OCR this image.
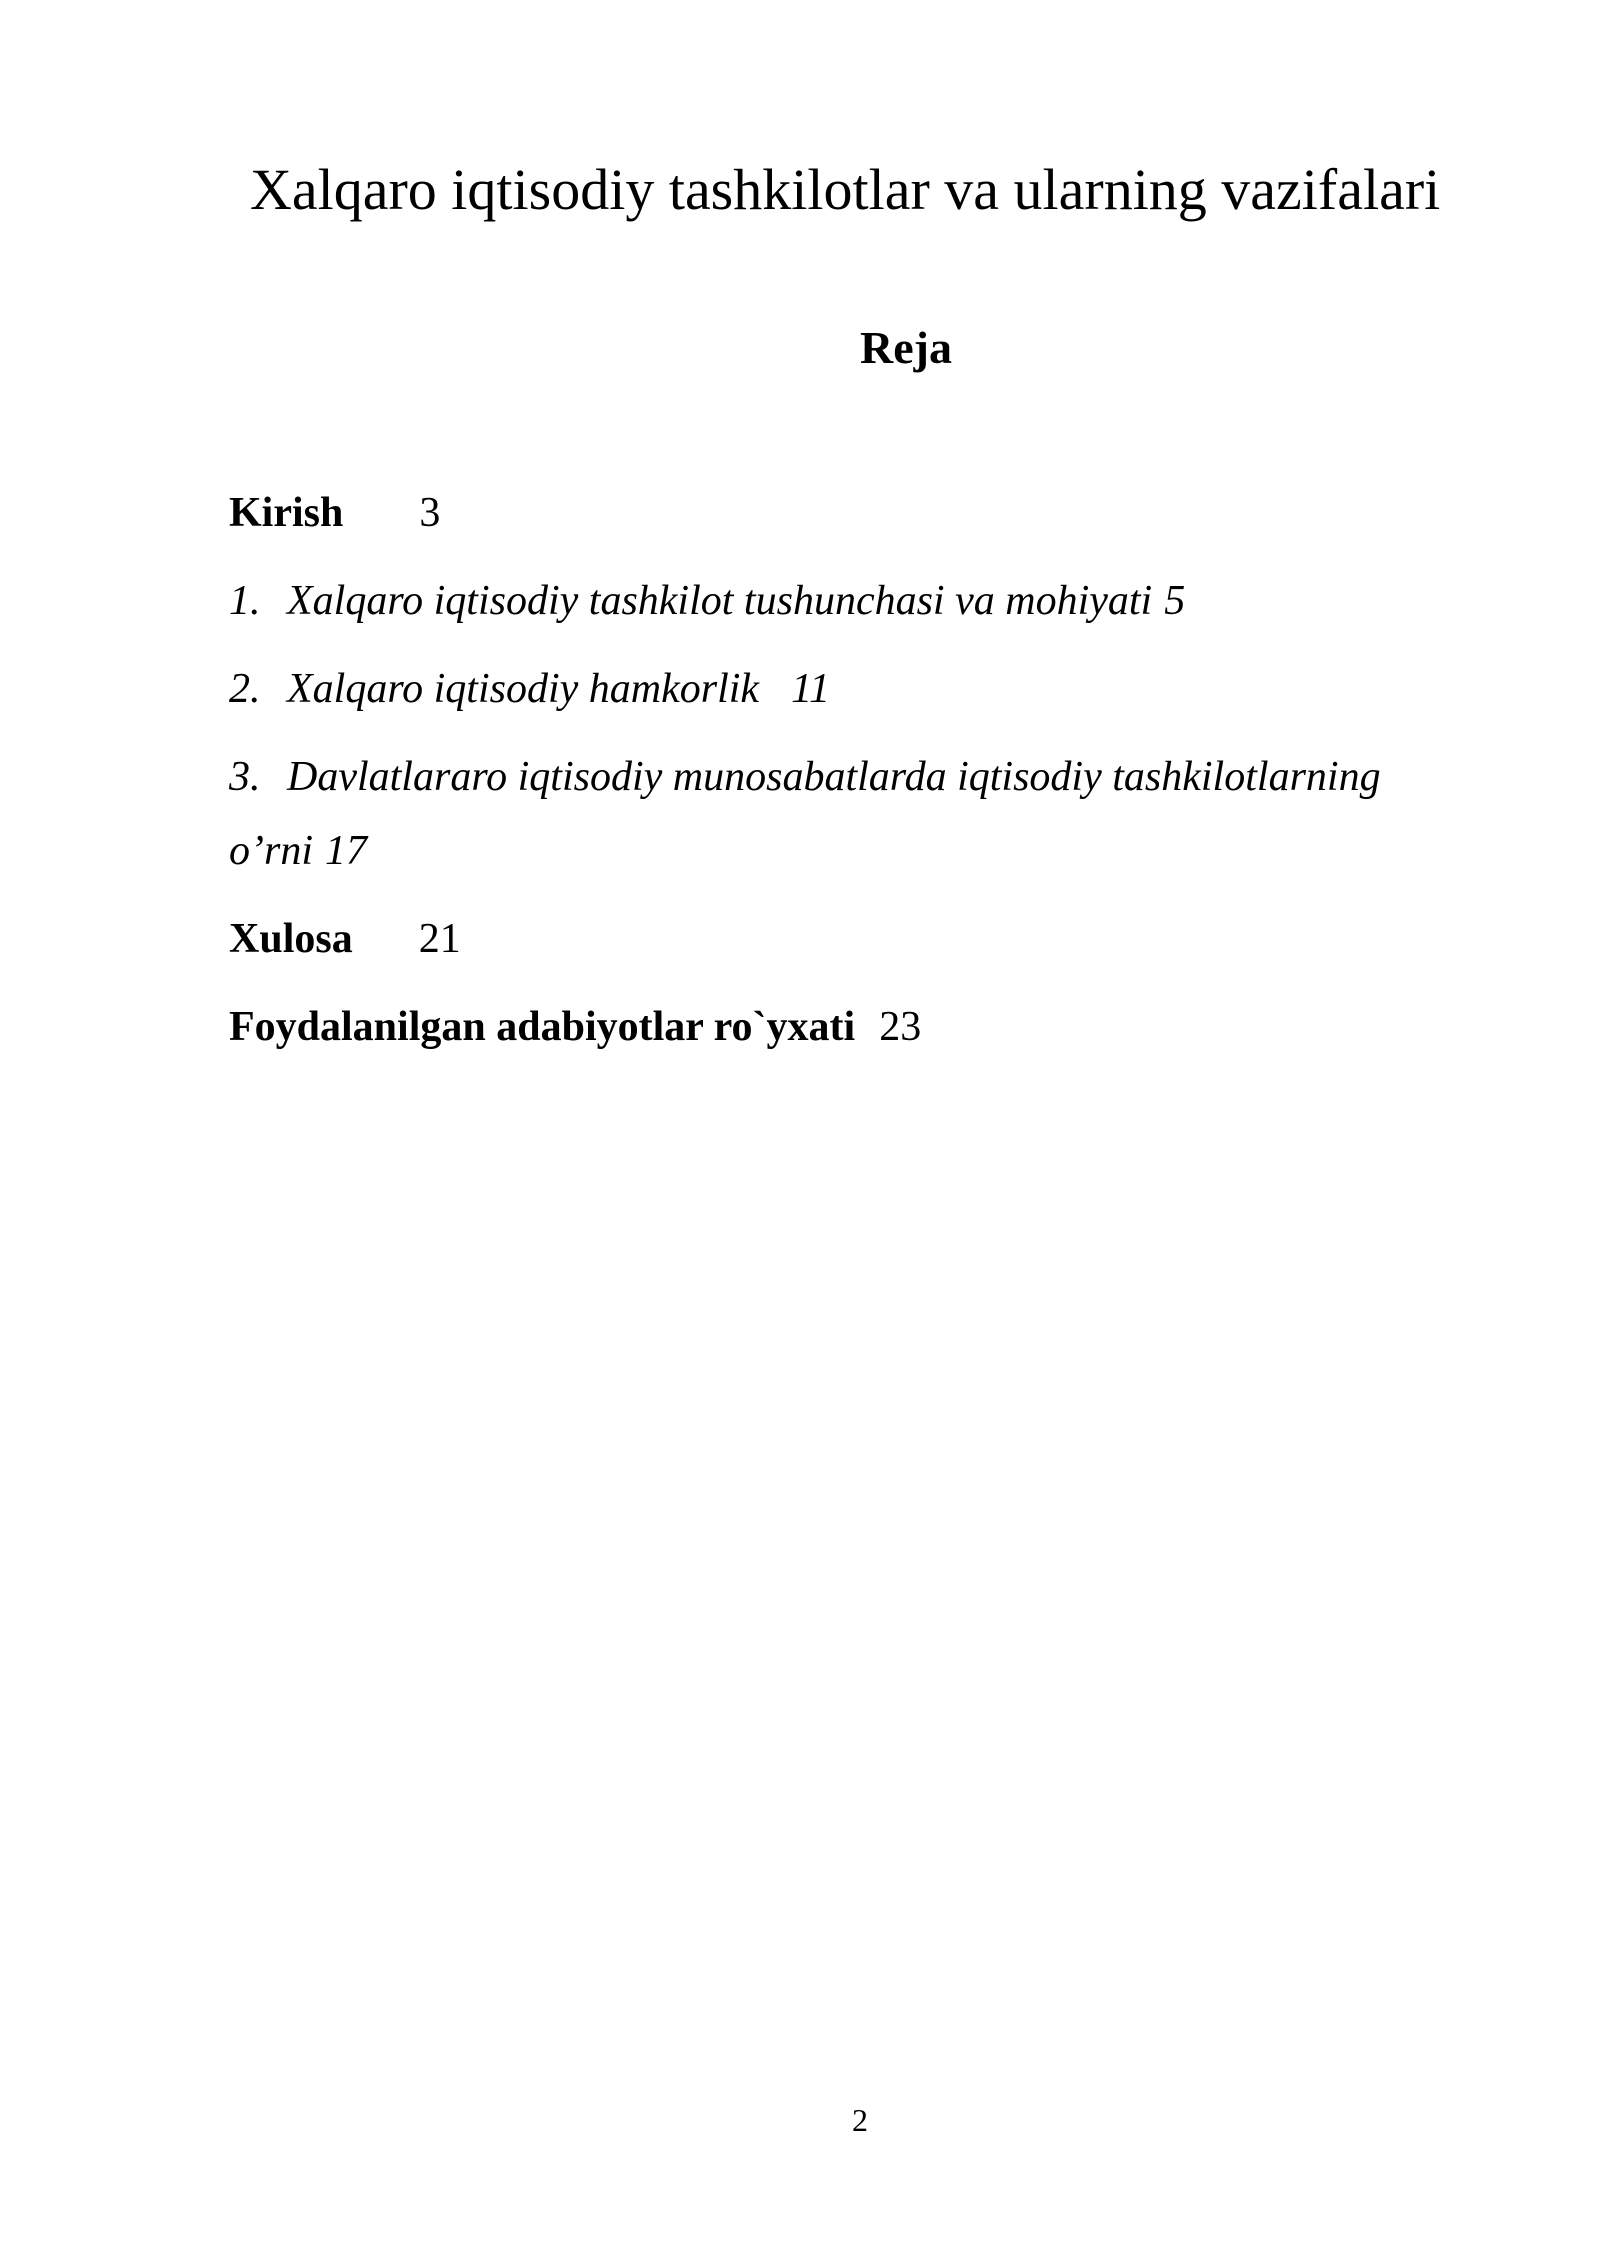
Xalqaro iqtisodiy tashkilotlar va ularning vazifalari
Reja
Kirish 3
1. Xalqaro iqtisodiy tashkilot tushunchasi va mohiyati 5
2. Xalqaro iqtisodiy hamkorlik 11
3. Davlatlararo iqtisodiy munosabatlarda iqtisodiy tashkilotlarning
o’rni 17
Xulosa 21
Foydalanilgan adabiyotlar ro`yxati 23
2
